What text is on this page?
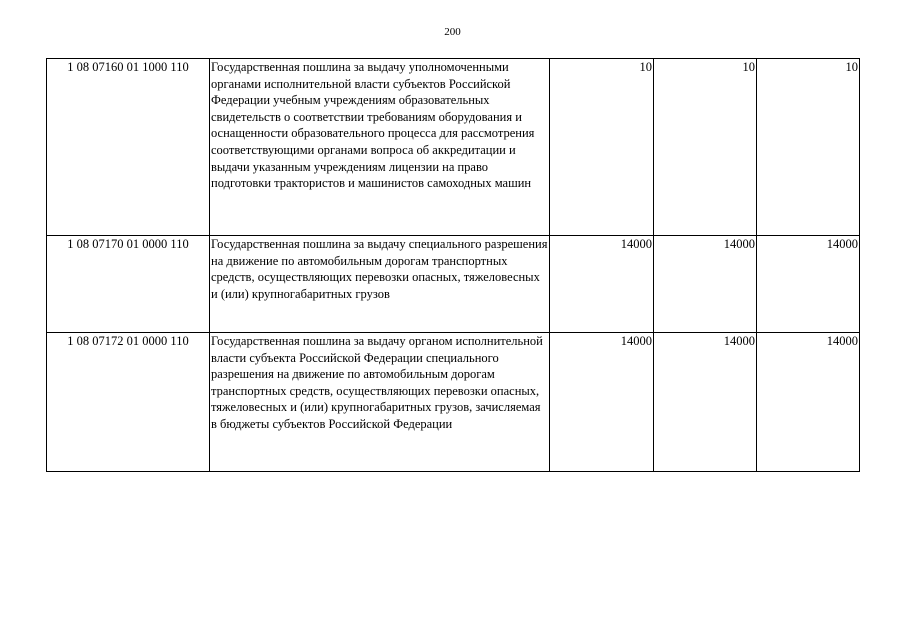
200
1 08 07160 01 1000 110	Государственная пошлина за выдачу уполномоченными органами исполнительной власти субъектов Российской Федерации учебным учреждениям образовательных свидетельств о соответствии требованиям оборудования и оснащенности образовательного процесса для рассмотрения соответствующими органами вопроса об аккредитации и выдачи указанным учреждениям лицензии на право подготовки трактористов и машинистов самоходных машин	10	10	10
1 08 07170 01 0000 110	Государственная пошлина за выдачу специального разрешения на движение по автомобильным дорогам транспортных средств, осуществляющих перевозки опасных, тяжеловесных и (или) крупногабаритных грузов	14000	14000	14000
1 08 07172 01 0000 110	Государственная пошлина за выдачу органом исполнительной власти субъекта Российской Федерации специального разрешения на движение по автомобильным дорогам транспортных средств, осуществляющих перевозки опасных, тяжеловесных и (или) крупногабаритных грузов, зачисляемая в бюджеты субъектов Российской Федерации	14000	14000	14000
